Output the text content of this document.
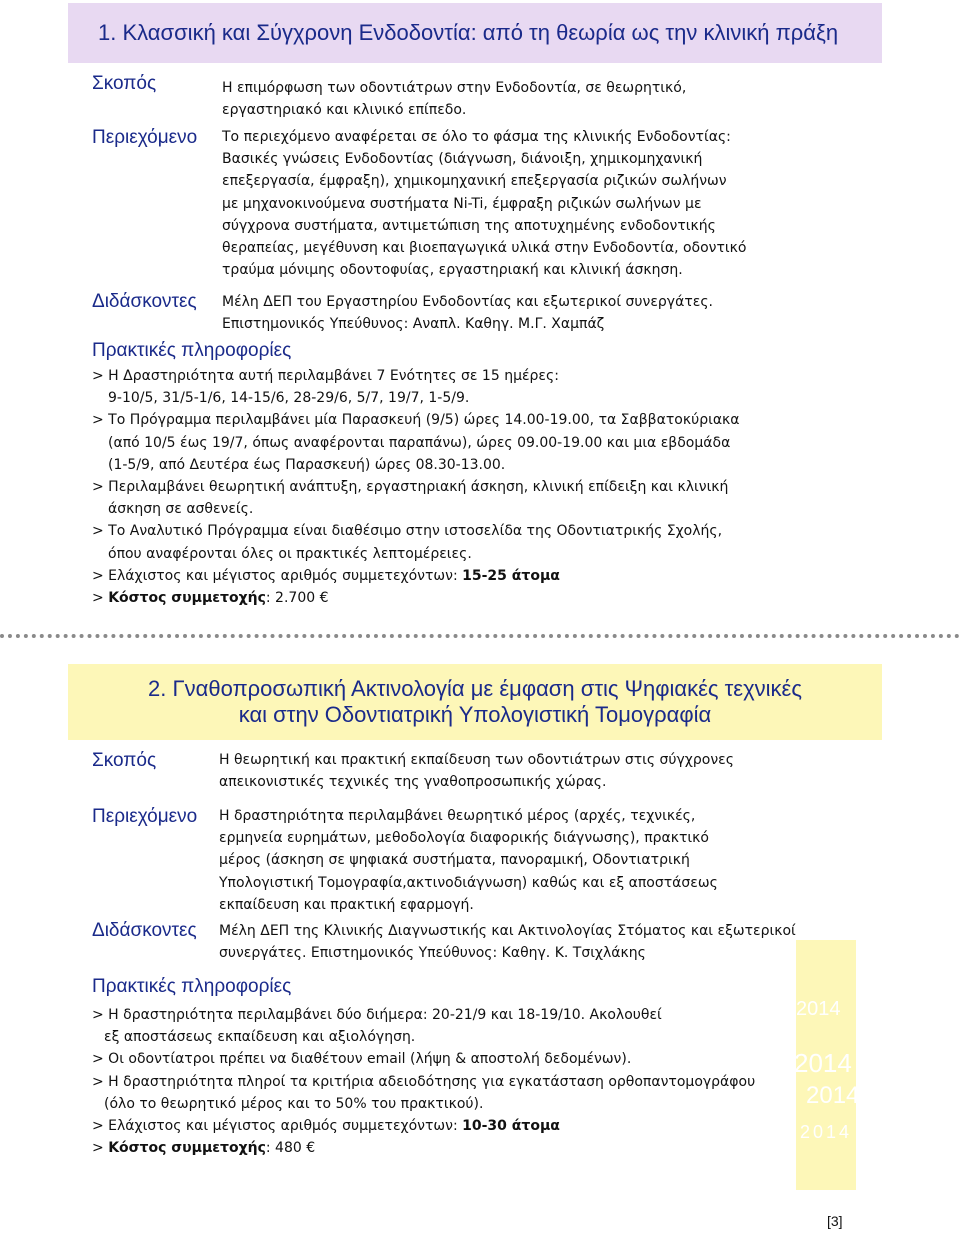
1. Κλασσική και Σύγχρονη Ενδοδοντία: από τη θεωρία ως την κλινική πράξη
Σκοπός	Η επιμόρφωση των οδοντιάτρων στην Ενδοδοντία, σε θεωρητικό,
εργαστηριακό και κλινικό επίπεδο.
Περιεχόμενο Το περιεχόμενο αναφέρεται σε όλο το φάσμα της κλινικής Ενδοδοντίας:
Βασικές γνώσεις Ενδοδοντίας (διάγνωση, διάνοιξη, χημικομηχανική
επεξεργασία, έμφραξη), χημικομηχανική επεξεργασία ριζικών σωλήνων
με μηχανοκινούμενα συστήματα Ni-Ti, έμφραξη ριζικών σωλήνων με
σύγχρονα συστήματα, αντιμετώπιση της αποτυχημένης ενδοδοντικής
θεραπείας, μεγέθυνση και βιοεπαγωγικά υλικά στην Ενδοδοντία, οδοντικό
τραύμα μόνιμης οδοντοφυίας, εργαστηριακή και κλινική άσκηση.
Διδάσκοντες Μέλη ΔΕΠ του Εργαστηρίου Ενδοδοντίας και εξωτερικοί συνεργάτες.
Επιστημονικός Υπεύθυνος: Αναπλ. Καθηγ. Μ.Γ. Χαμπάζ
Πρακτικές πληροφορίες
> Η Δραστηριότητα αυτή περιλαμβάνει 7 Ενότητες σε 15 ημέρες:
9-10/5, 31/5-1/6, 14-15/6, 28-29/6, 5/7, 19/7, 1-5/9.
> Το Πρόγραμμα περιλαμβάνει μία Παρασκευή (9/5) ώρες 14.00-19.00, τα Σαββατοκύριακα
(από 10/5 έως 19/7, όπως αναφέρονται παραπάνω), ώρες 09.00-19.00 και μια εβδομάδα
(1-5/9, από Δευτέρα έως Παρασκευή) ώρες 08.30-13.00.
> Περιλαμβάνει θεωρητική ανάπτυξη, εργαστηριακή άσκηση, κλινική επίδειξη και κλινική
άσκηση σε ασθενείς.
> Το Αναλυτικό Πρόγραμμα είναι διαθέσιμο στην ιστοσελίδα της Οδοντιατρικής Σχολής,
όπου αναφέρονται όλες οι πρακτικές λεπτομέρειες.
> Ελάχιστος και μέγιστος αριθμός συμμετεχόντων: 15-25 άτομα
> Κόστος συμμετοχής: 2.700 €
2. Γναθοπροσωπική Ακτινολογία με έμφαση στις Ψηφιακές τεχνικές
και στην Οδοντιατρική Υπολογιστική Τομογραφία
2014
2014
2014
2014
Σκοπός	Η θεωρητική και πρακτική εκπαίδευση των οδοντιάτρων στις σύγχρονες
απεικονιστικές τεχνικές της γναθοπροσωπικής χώρας.
Περιεχόμενο Η δραστηριότητα περιλαμβάνει θεωρητικό μέρος (αρχές, τεχνικές,
ερμηνεία ευρημάτων, μεθοδολογία διαφορικής διάγνωσης), πρακτικό
μέρος (άσκηση σε ψηφιακά συστήματα, πανοραμική, Οδοντιατρική
Υπολογιστική Τομογραφία,ακτινοδιάγνωση) καθώς και εξ αποστάσεως
εκπαίδευση και πρακτική εφαρμογή.
Διδάσκοντες Μέλη ΔΕΠ της Κλινικής Διαγνωστικής και Ακτινολογίας Στόματος και εξωτερικοί
συνεργάτες. Επιστημονικός Υπεύθυνος: Καθηγ. Κ. Τσιχλάκης
Πρακτικές πληροφορίες
> Η δραστηριότητα περιλαμβάνει δύο διήμερα: 20-21/9 και 18-19/10. Ακολουθεί
εξ αποστάσεως εκπαίδευση και αξιολόγηση.
> Οι οδοντίατροι πρέπει να διαθέτουν email (λήψη & αποστολή δεδομένων).
> Η δραστηριότητα πληροί τα κριτήρια αδειοδότησης για εγκατάσταση ορθοπαντομογράφου
(όλο το θεωρητικό μέρος και το 50% του πρακτικού).
> Ελάχιστος και μέγιστος αριθμός συμμετεχόντων: 10-30 άτομα
> Κόστος συμμετοχής: 480 €
[3]
